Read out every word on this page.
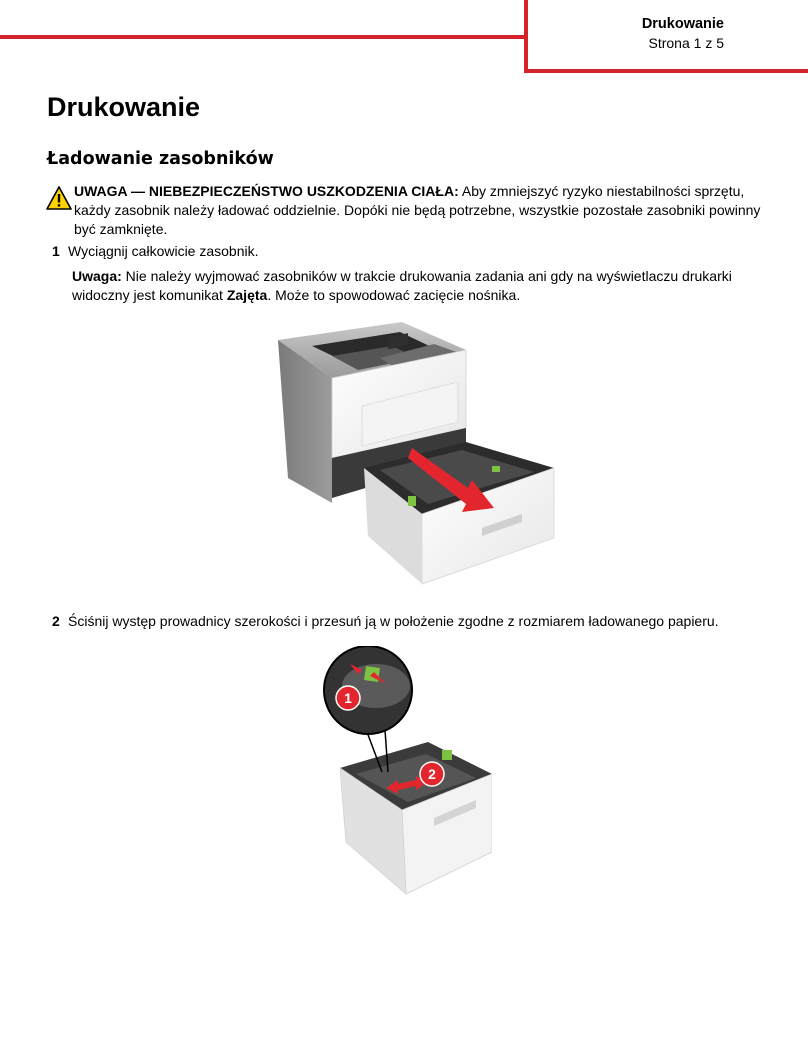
Drukowanie
Strona 1 z 5
Drukowanie
Ładowanie zasobników
UWAGA — NIEBEZPIECZEŃSTWO USZKODZENIA CIAŁA: Aby zmniejszyć ryzyko niestabilności sprzętu, każdy zasobnik należy ładować oddzielnie. Dopóki nie będą potrzebne, wszystkie pozostałe zasobniki powinny być zamknięte.
1 Wyciągnij całkowicie zasobnik.
Uwaga: Nie należy wyjmować zasobników w trakcie drukowania zadania ani gdy na wyświetlaczu drukarki widoczny jest komunikat Zajęta. Może to spowodować zacięcie nośnika.
2 Ściśnij występ prowadnicy szerokości i przesuń ją w położenie zgodne z rozmiarem ładowanego papieru.
1
2
